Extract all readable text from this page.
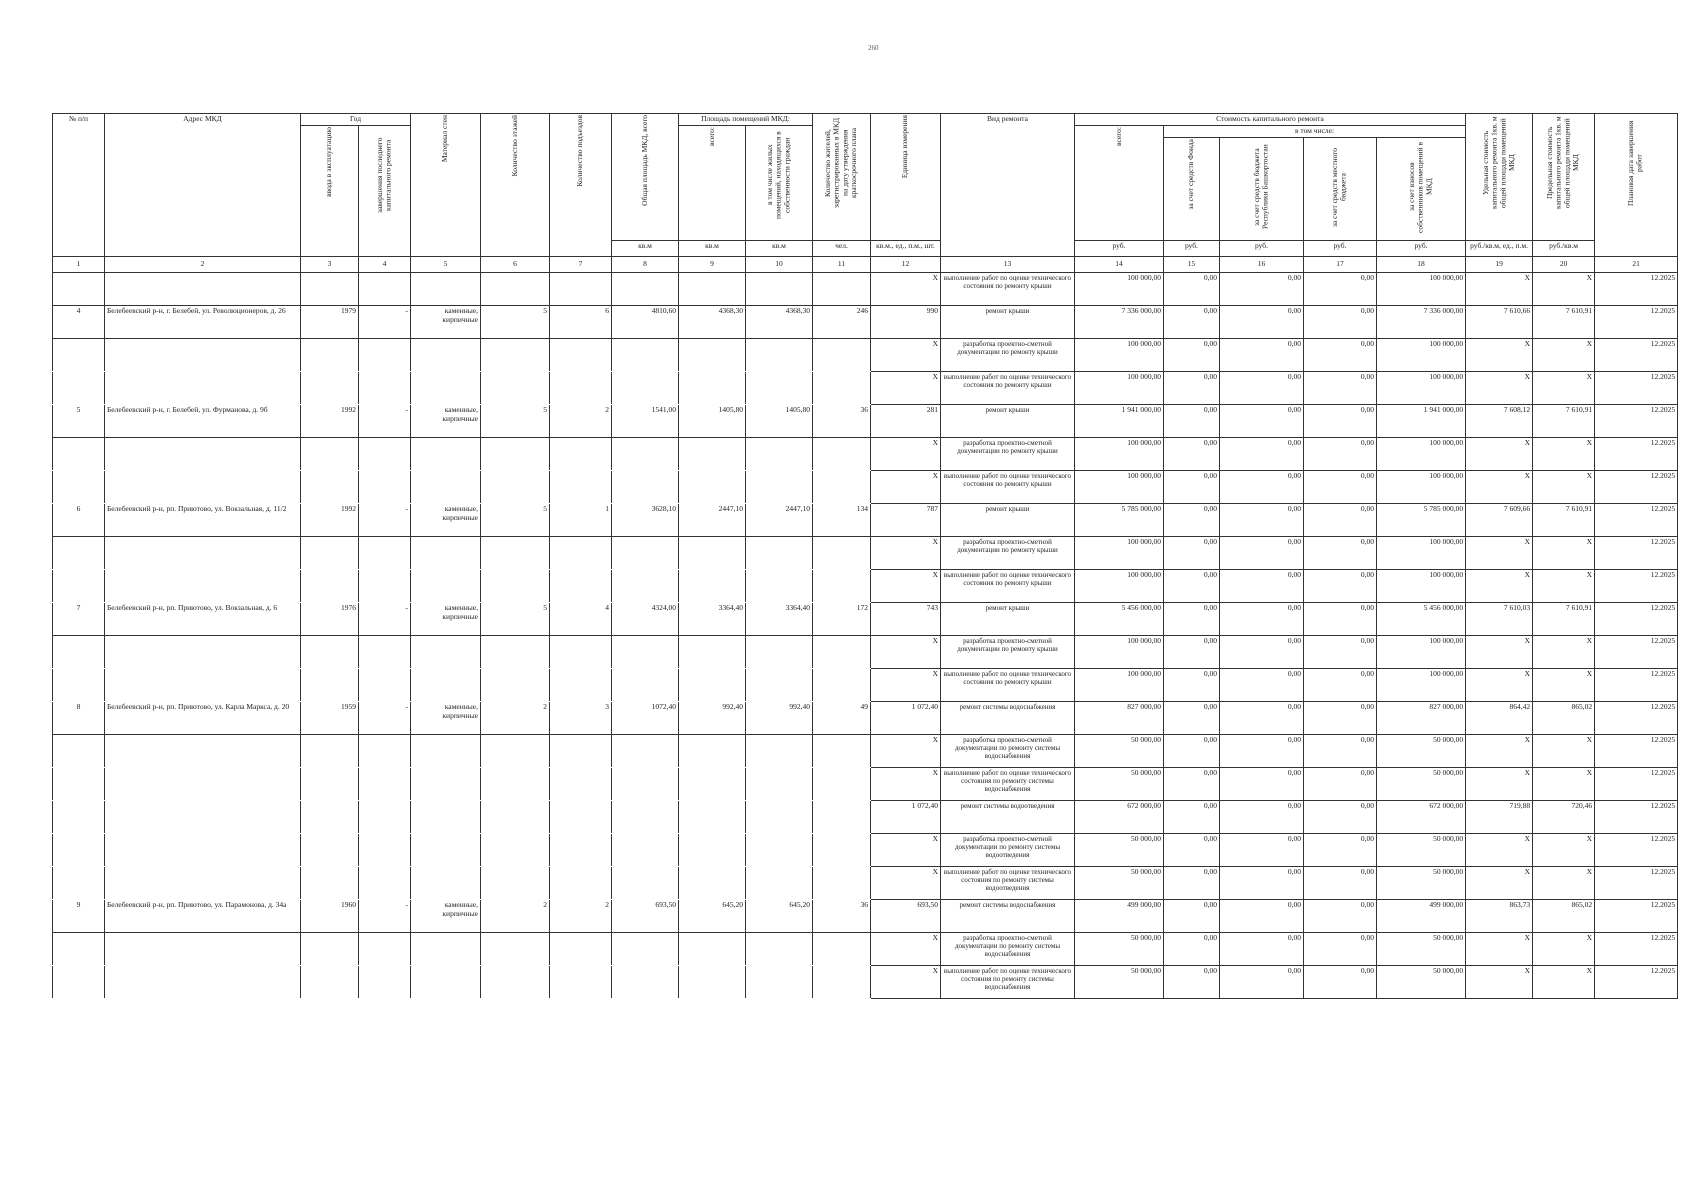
260
№ п/п	Адрес МКД	Год		Материал стен	Количество этажей	Количество подъездов	Общая площадь МКД, всего	Площадь помещений МКД:		Количество жителей, зарегистрированных в МКД на дату утверждения краткосрочного плана	Единица измерения	Вид ремонта	Стоимость капитального ремонта					Удельная стоимость капитального ремонта 1кв. м общей площади помещений МКД	Предельная стоимость капитального ремонта 1кв. м общей площади помещений МКД	Плановая дата завершения работ

		ввода в эксплуатацию	завершения последнего капитального ремонта					всего:	в том числе жилых помещений, находящихся в собственности граждан				всего:	в том числе:						

														за счет средств Фонда	за счет средств бюджета Республики Башкортостан	за счет средств местного бюджета	за счет взносов собственников помещений в МКД			

							кв.м	кв.м	кв.м	чел.	кв.м., ед., п.м., шт.		руб.	руб.	руб.	руб.	руб.	руб./кв.м, ед., п.м.	руб./кв.м	
1	2	3	4	5	6	7	8	9	10	11	12	13	14	15	16	17	18	19	20	21
											X	выполнение работ по оценке технического состояния по ремонту крыши	100 000,00	0,00	0,00	0,00	100 000,00	X	X	12.2025
4	Белебеевский р-н, г. Белебей, ул. Революционеров, д. 26	1979	-	каменные, кирпичные	5	6	4810,60	4368,30	4368,30	246	990	ремонт крыши	7 336 000,00	0,00	0,00	0,00	7 336 000,00	7 610,66	7 610,91	12.2025
											X	разработка проектно-сметной документации по ремонту крыши	100 000,00	0,00	0,00	0,00	100 000,00	X	X	12.2025
											X	выполнение работ по оценке технического состояния по ремонту крыши	100 000,00	0,00	0,00	0,00	100 000,00	X	X	12.2025
5	Белебеевский р-н, г. Белебей, ул. Фурманова, д. 9б	1992	-	каменные, кирпичные	5	2	1541,00	1405,80	1405,80	36	281	ремонт крыши	1 941 000,00	0,00	0,00	0,00	1 941 000,00	7 608,12	7 610,91	12.2025
											X	разработка проектно-сметной документации по ремонту крыши	100 000,00	0,00	0,00	0,00	100 000,00	X	X	12.2025
											X	выполнение работ по оценке технического состояния по ремонту крыши	100 000,00	0,00	0,00	0,00	100 000,00	X	X	12.2025
6	Белебеевский р-н, рп. Приютово, ул. Вокзальная, д. 11/2	1992	-	каменные, кирпичные	5	1	3628,10	2447,10	2447,10	134	787	ремонт крыши	5 785 000,00	0,00	0,00	0,00	5 785 000,00	7 609,66	7 610,91	12.2025
											X	разработка проектно-сметной документации по ремонту крыши	100 000,00	0,00	0,00	0,00	100 000,00	X	X	12.2025
											X	выполнение работ по оценке технического состояния по ремонту крыши	100 000,00	0,00	0,00	0,00	100 000,00	X	X	12.2025
7	Белебеевский р-н, рп. Приютово, ул. Вокзальная, д. 6	1976	-	каменные, кирпичные	5	4	4324,00	3364,40	3364,40	172	743	ремонт крыши	5 456 000,00	0,00	0,00	0,00	5 456 000,00	7 610,03	7 610,91	12.2025
											X	разработка проектно-сметной документации по ремонту крыши	100 000,00	0,00	0,00	0,00	100 000,00	X	X	12.2025
											X	выполнение работ по оценке технического состояния по ремонту крыши	100 000,00	0,00	0,00	0,00	100 000,00	X	X	12.2025
8	Белебеевский р-н, рп. Приютово, ул. Карла Маркса, д. 20	1959	-	каменные, кирпичные	2	3	1072,40	992,40	992,40	49	1 072,40	ремонт системы водоснабжения	827 000,00	0,00	0,00	0,00	827 000,00	864,42	865,02	12.2025
											X	разработка проектно-сметной документации по ремонту системы водоснабжения	50 000,00	0,00	0,00	0,00	50 000,00	X	X	12.2025
											X	выполнение работ по оценке технического состояния по ремонту системы водоснабжения	50 000,00	0,00	0,00	0,00	50 000,00	X	X	12.2025
											1 072,40	ремонт системы водоотведения	672 000,00	0,00	0,00	0,00	672 000,00	719,88	720,46	12.2025
											X	разработка проектно-сметной документации по ремонту системы водоотведения	50 000,00	0,00	0,00	0,00	50 000,00	X	X	12.2025
											X	выполнение работ по оценке технического состояния по ремонту системы водоотведения	50 000,00	0,00	0,00	0,00	50 000,00	X	X	12.2025
9	Белебеевский р-н, рп. Приютово, ул. Парамонова, д. 34а	1960	-	каменные, кирпичные	2	2	693,50	645,20	645,20	36	693,50	ремонт системы водоснабжения	499 000,00	0,00	0,00	0,00	499 000,00	863,73	865,02	12.2025
											X	разработка проектно-сметной документации по ремонту системы водоснабжения	50 000,00	0,00	0,00	0,00	50 000,00	X	X	12.2025
											X	выполнение работ по оценке технического состояния по ремонту системы водоснабжения	50 000,00	0,00	0,00	0,00	50 000,00	X	X	12.2025
